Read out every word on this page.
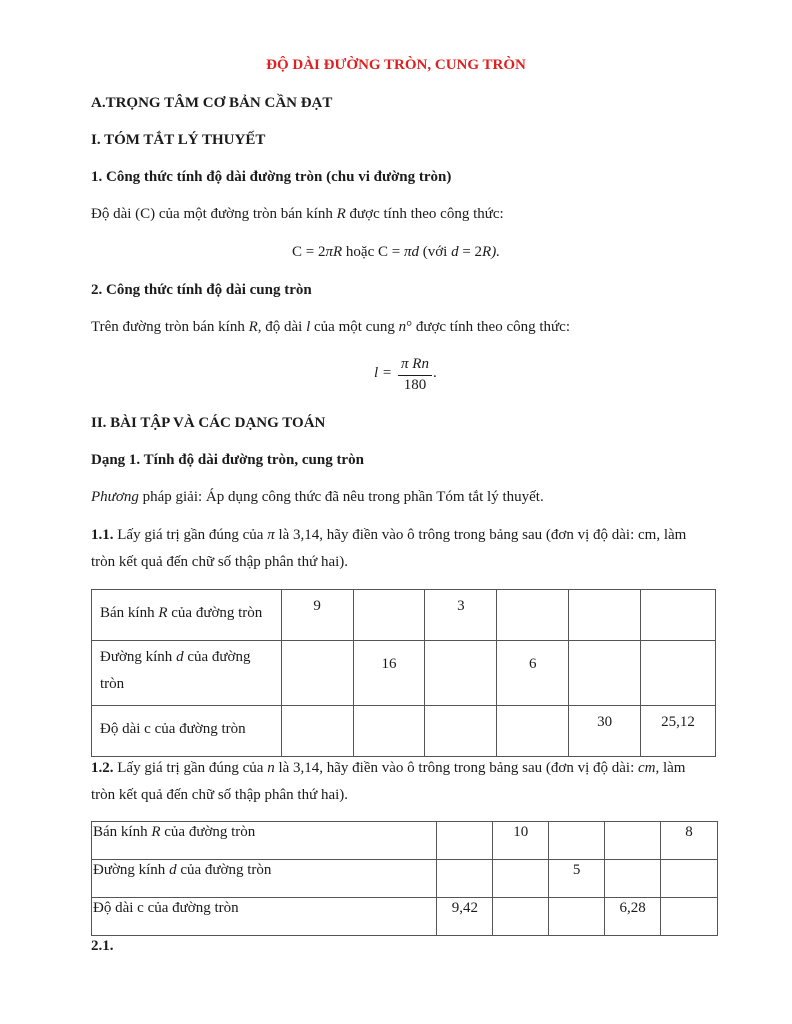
ĐỘ DÀI ĐƯỜNG TRÒN, CUNG TRÒN
A.TRỌNG TÂM CƠ BẢN CẦN ĐẠT
I. TÓM TẮT LÝ THUYẾT
1. Công thức tính độ dài đường tròn (chu vi đường tròn)
Độ dài (C) của một đường tròn bán kính R được tính theo công thức:
C = 2πR hoặc C = πd (với d = 2R).
2. Công thức tính độ dài cung tròn
Trên đường tròn bán kính R, độ dài l của một cung n° được tính theo công thức:
l =
π Rn
180
.
II. BÀI TẬP VÀ CÁC DẠNG TOÁN
Dạng 1. Tính độ dài đường tròn, cung tròn
Phương pháp giải: Áp dụng công thức đã nêu trong phần Tóm tắt lý thuyết.
1.1. Lấy giá trị gần đúng của π là 3,14, hãy điền vào ô trông trong bảng sau (đơn vị độ dài: cm, làm
tròn kết quả đến chữ số thập phân thứ hai).
Bán kính R của đường tròn	9		3			
Đường kính d của đường tròn		16		6		
Độ dài c của đường tròn					30	25,12
1.2. Lấy giá trị gần đúng của n là 3,14, hãy điền vào ô trông trong bảng sau (đơn vị độ dài: cm, làm
tròn kết quả đến chữ số thập phân thứ hai).
Bán kính R của đường tròn		10			8
Đường kính d của đường tròn			5		
Độ dài c của đường tròn	9,42			6,28	
2.1.
